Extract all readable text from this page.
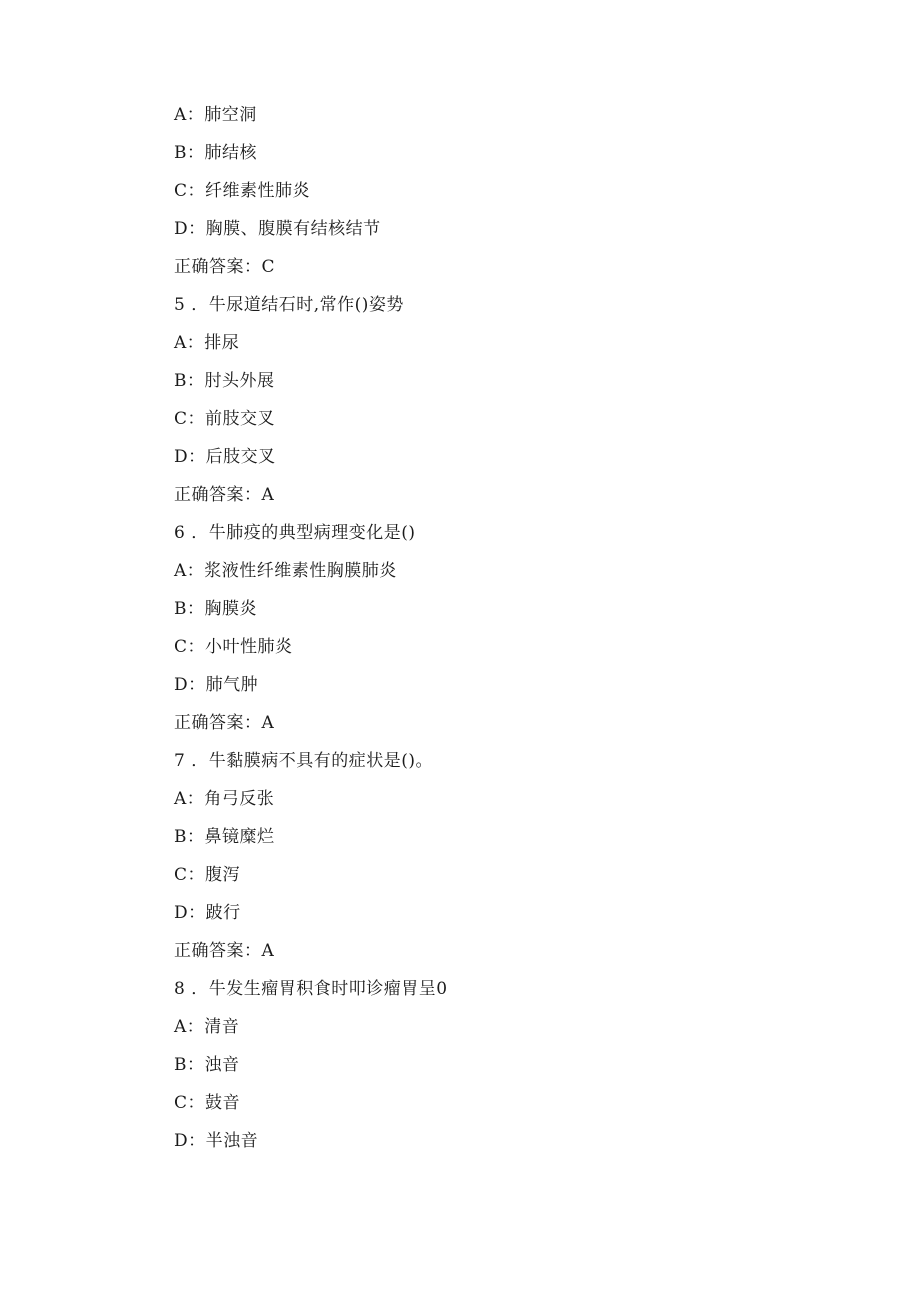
A：肺空洞
B：肺结核
C：纤维素性肺炎
D：胸膜、腹膜有结核结节
正确答案：C
5 ．牛尿道结石时,常作()姿势
A：排尿
B：肘头外展
C：前肢交叉
D：后肢交叉
正确答案：A
6 ．牛肺疫的典型病理变化是()
A：浆液性纤维素性胸膜肺炎
B：胸膜炎
C：小叶性肺炎
D：肺气肿
正确答案：A
7 ．牛黏膜病不具有的症状是()。
A：角弓反张
B：鼻镜糜烂
C：腹泻
D：跛行
正确答案：A
8 ．牛发生瘤胃积食时叩诊瘤胃呈0
A：清音
B：浊音
C：鼓音
D：半浊音
